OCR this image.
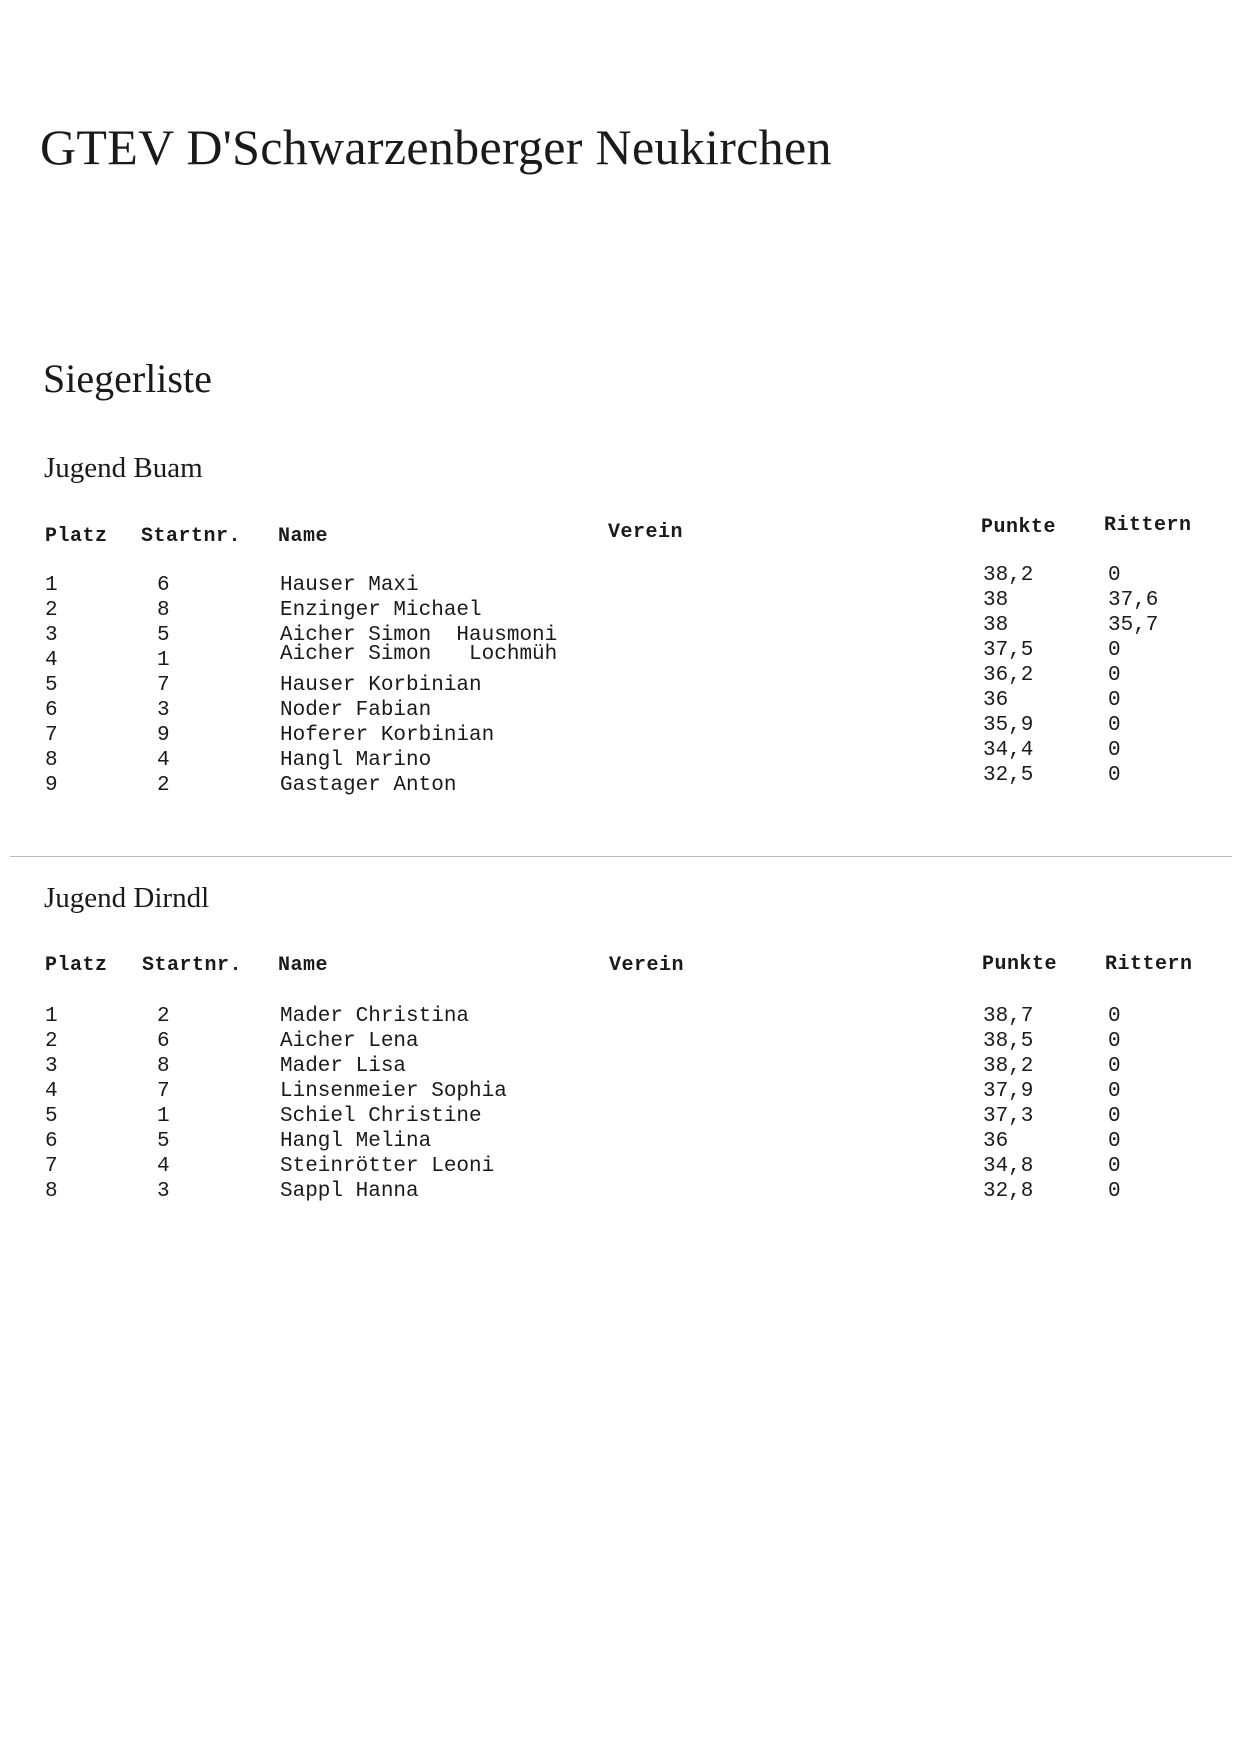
GTEV D'Schwarzenberger Neukirchen
Siegerliste
Jugend Buam
Platz Startnr. Name	Verein	Punkte Rittern
1	6	Hauser Maxi	38,2	0
2	8	Enzinger Michael	38	37,6
3	5	Aicher Simon  Hausmoni	38	35,7
4	1	Aicher Simon   Lochmüh	37,5	0
5	7	Hauser Korbinian	36,2	0
6	3	Noder Fabian	36	0
7	9	Hoferer Korbinian	35,9	0
8	4	Hangl Marino	34,4	0
9	2	Gastager Anton	32,5	0
Jugend Dirndl
Platz Startnr. Name	Verein	Punkte Rittern
1	2	Mader Christina	38,7	0
2	6	Aicher Lena	38,5	0
3	8	Mader Lisa	38,2	0
4	7	Linsenmeier Sophia	37,9	0
5	1	Schiel Christine	37,3	0
6	5	Hangl Melina	36	0
7	4	Steinrötter Leoni	34,8	0
8	3	Sappl Hanna	32,8	0
